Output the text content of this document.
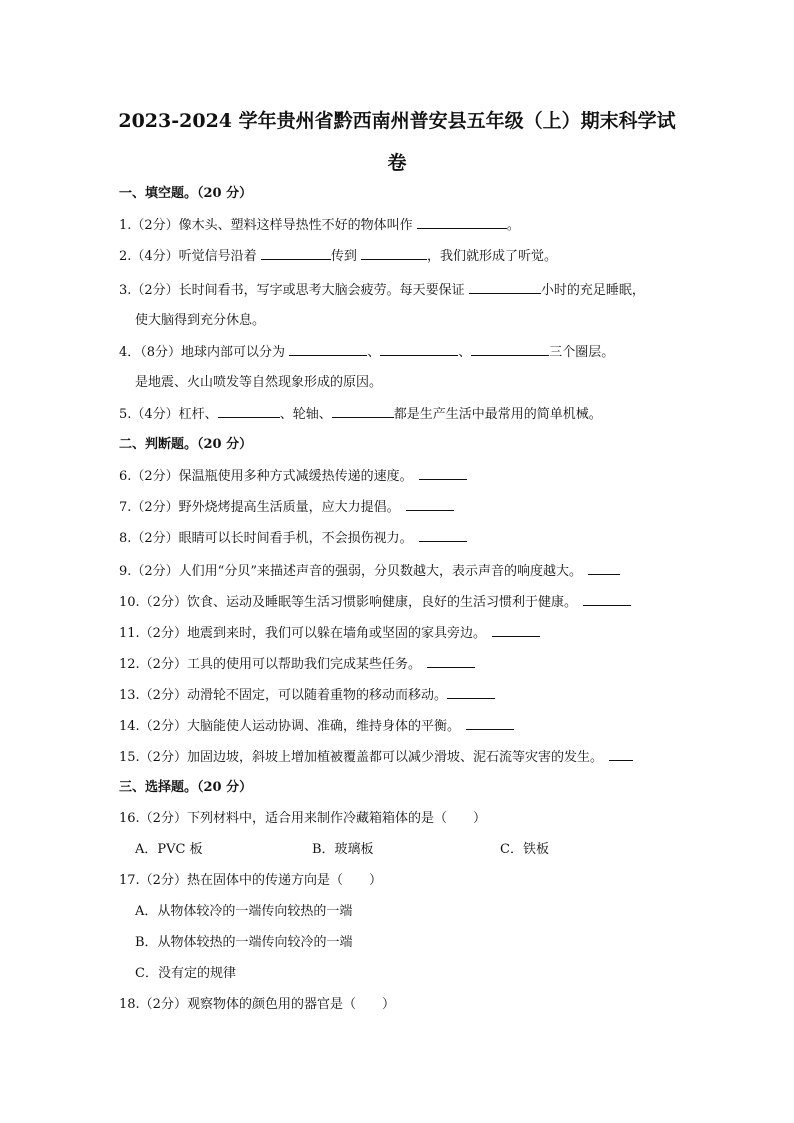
2023-2024 学年贵州省黔西南州普安县五年级（上）期末科学试
卷
一、填空题。（20 分）
1.（2分）像木头、塑料这样导热性不好的物体叫作	。
2.（4分）听觉信号沿着	传到	，我们就形成了听觉。
3.（2分）长时间看书，写字或思考大脑会疲劳。每天要保证	小时的充足睡眠，
使大脑得到充分休息。
4．（8分）地球内部可以分为	、	、	三个圈层。
是地震、火山喷发等自然现象形成的原因。
5.（4分）杠杆、	、轮轴、	都是生产生活中最常用的简单机械。
二、判断题。（20 分）
6.（2分）保温瓶使用多种方式减缓热传递的速度。　
7.（2分）野外烧烤提高生活质量，应大力提倡。　
8.（2分）眼睛可以长时间看手机，不会损伤视力。　
9.（2分）人们用“分贝”来描述声音的强弱，分贝数越大，表示声音的响度越大。　
10.（2分）饮食、运动及睡眠等生活习惯影响健康，良好的生活习惯利于健康。　
11.（2分）地震到来时，我们可以躲在墙角或坚固的家具旁边。　
12.（2分）工具的使用可以帮助我们完成某些任务。　
13.（2分）动滑轮不固定，可以随着重物的移动而移动。
14.（2分）大脑能使人运动协调、准确，维持身体的平衡。　
15.（2分）加固边坡，斜坡上增加植被覆盖都可以减少滑坡、泥石流等灾害的发生。　
三、选择题。（20 分）
16.（2分）下列材料中，适合用来制作冷藏箱箱体的是（　　）
A．PVC 板	B．玻璃板	C．铁板
17.（2分）热在固体中的传递方向是（　　）
A．从物体较冷的一端传向较热的一端
B．从物体较热的一端传向较冷的一端
C．没有定的规律
18.（2分）观察物体的颜色用的器官是（　　）
